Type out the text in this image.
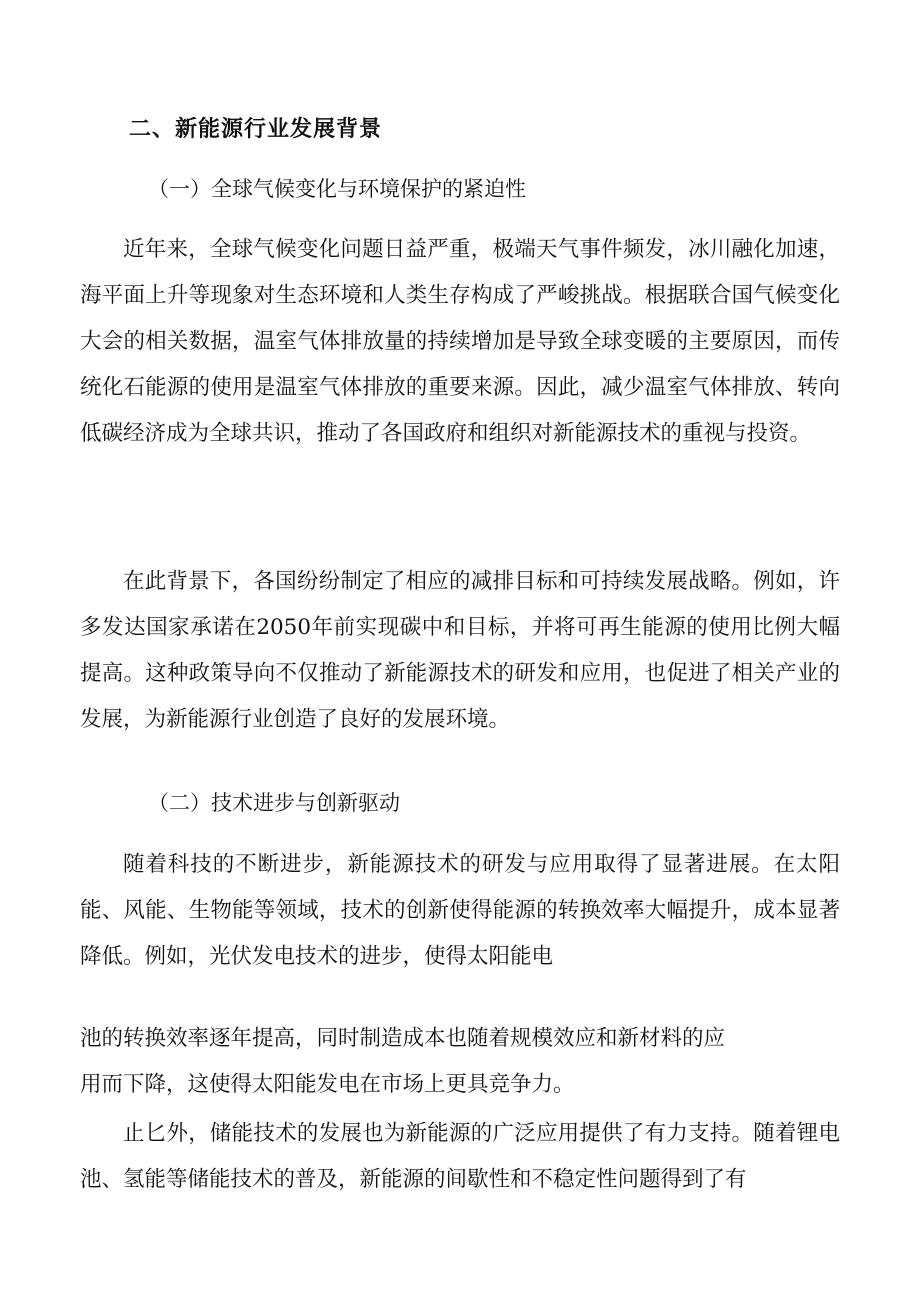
二、新能源行业发展背景
（一）全球气候变化与环境保护的紧迫性

近年来，全球气候变化问题日益严重，极端天气事件频发，冰川融化加速，海平面上升等现象对生态环境和人类生存构成了严峻挑战。根据联合国气候变化大会的相关数据，温室气体排放量的持续增加是导致全球变暖的主要原因，而传统化石能源的使用是温室气体排放的重要来源。因此，减少温室气体排放、转向低碳经济成为全球共识，推动了各国政府和组织对新能源技术的重视与投资。

在此背景下，各国纷纷制定了相应的减排目标和可持续发展战略。例如，许多发达国家承诺在2050年前实现碳中和目标，并将可再生能源的使用比例大幅提高。这种政策导向不仅推动了新能源技术的研发和应用，也促进了相关产业的发展，为新能源行业创造了良好的发展环境。

（二）技术进步与创新驱动

随着科技的不断进步，新能源技术的研发与应用取得了显著进展。在太阳能、风能、生物能等领域，技术的创新使得能源的转换效率大幅提升，成本显著降低。例如，光伏发电技术的进步，使得太阳能电

池的转换效率逐年提高，同时制造成本也随着规模效应和新材料的应
用而下降，这使得太阳能发电在市场上更具竞争力。

止匕外，储能技术的发展也为新能源的广泛应用提供了有力支持。随着锂电池、氢能等储能技术的普及，新能源的间歇性和不稳定性问题得到了有
